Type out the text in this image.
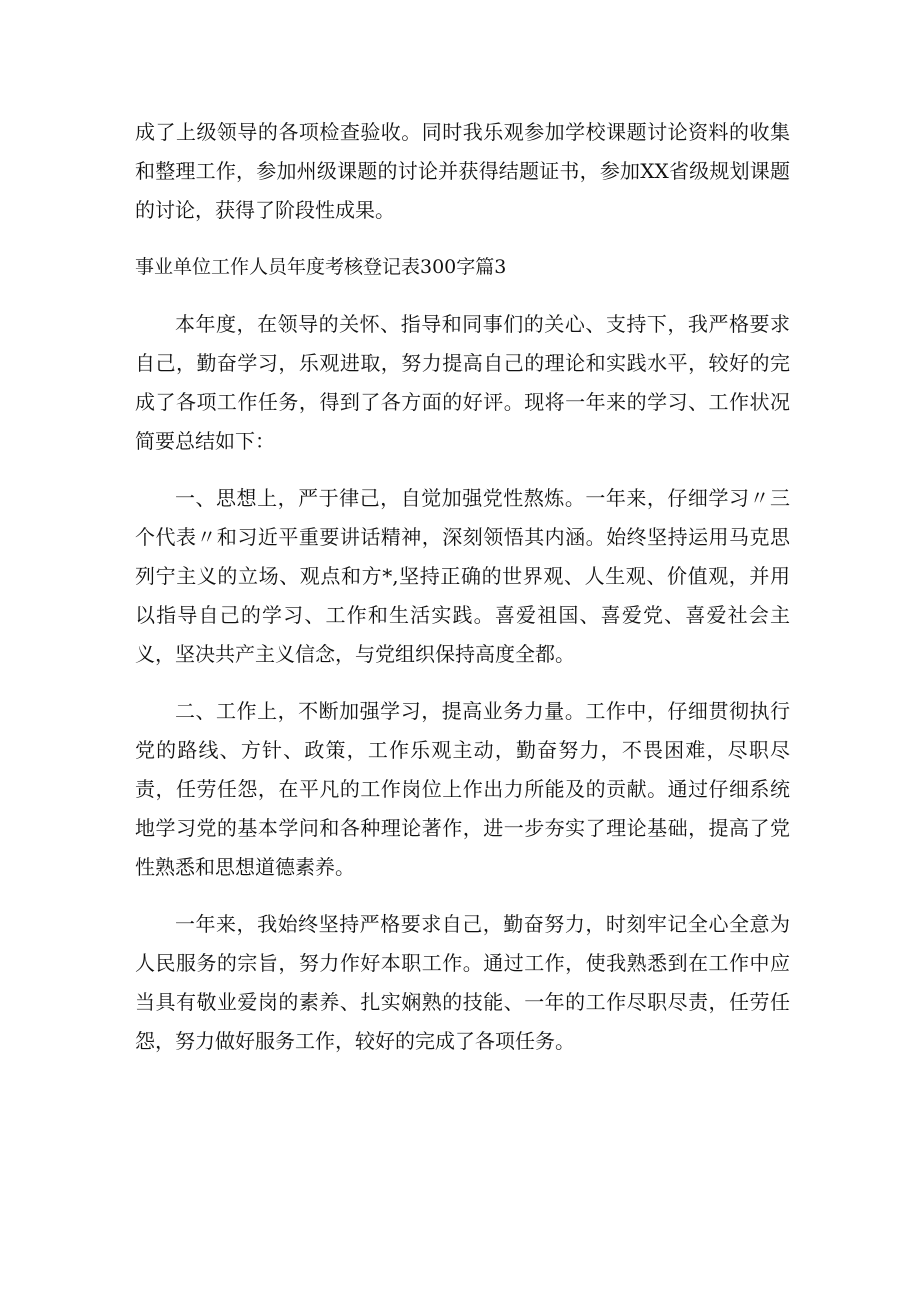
成了上级领导的各项检查验收。同时我乐观参加学校课题讨论资料的收集和整理工作，参加州级课题的讨论并获得结题证书，参加XX省级规划课题的讨论，获得了阶段性成果。

事业单位工作人员年度考核登记表300字篇3

本年度，在领导的关怀、指导和同事们的关心、支持下，我严格要求自己，勤奋学习，乐观进取，努力提高自己的理论和实践水平，较好的完成了各项工作任务，得到了各方面的好评。现将一年来的学习、工作状况简要总结如下：

一、思想上，严于律己，自觉加强党性熬炼。一年来，仔细学习〃三个代表〃和习近平重要讲话精神，深刻领悟其内涵。始终坚持运用马克思列宁主义的立场、观点和方*,坚持正确的世界观、人生观、价值观，并用以指导自己的学习、工作和生活实践。喜爱祖国、喜爱党、喜爱社会主义，坚决共产主义信念，与党组织保持高度全都。

二、工作上，不断加强学习，提高业务力量。工作中，仔细贯彻执行党的路线、方针、政策，工作乐观主动，勤奋努力，不畏困难，尽职尽责，任劳任怨，在平凡的工作岗位上作出力所能及的贡献。通过仔细系统地学习党的基本学问和各种理论著作，进一步夯实了理论基础，提高了党性熟悉和思想道德素养。

一年来，我始终坚持严格要求自己，勤奋努力，时刻牢记全心全意为人民服务的宗旨，努力作好本职工作。通过工作，使我熟悉到在工作中应当具有敬业爱岗的素养、扎实娴熟的技能、一年的工作尽职尽责，任劳任怨，努力做好服务工作，较好的完成了各项任务。
